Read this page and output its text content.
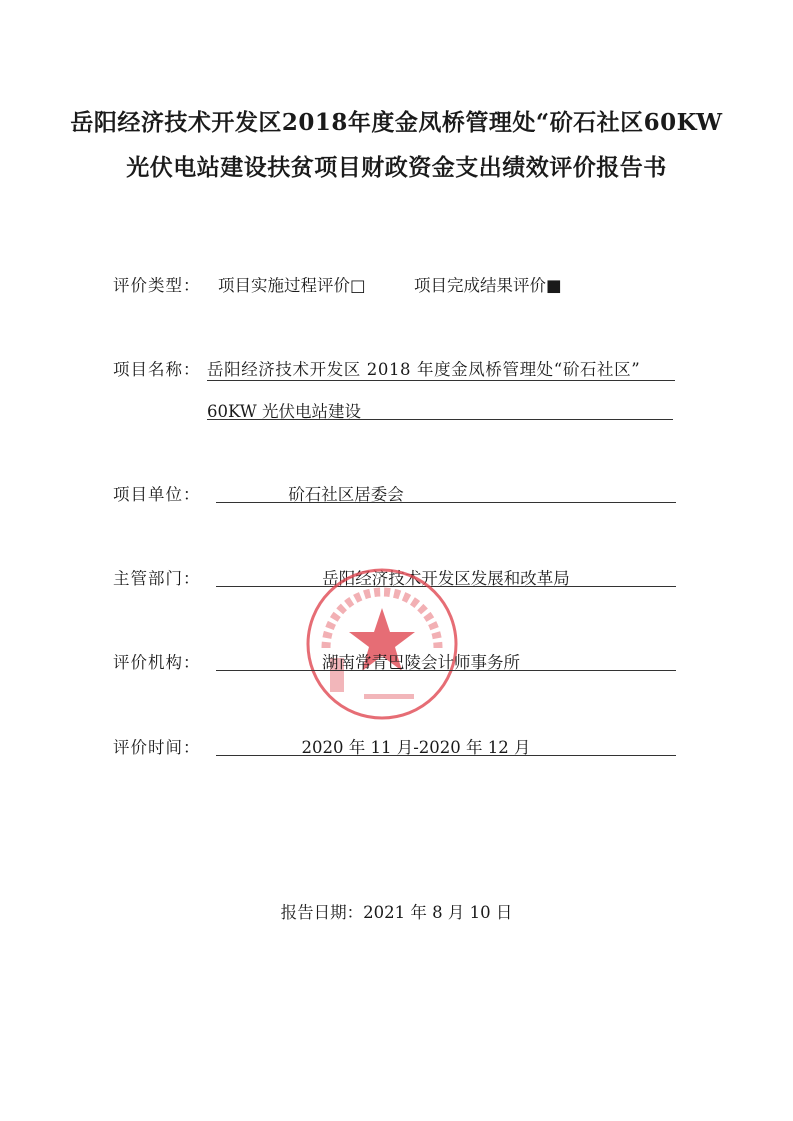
岳阳经济技术开发区2018年度金凤桥管理处“砎石社区60KW
光伏电站建设扶贫项目财政资金支出绩效评价报告书
评价类型： 项目实施过程评价□	项目完成结果评价■
项目名称： 岳阳经济技术开发区 2018 年度金凤桥管理处“砎石社区”
60KW 光伏电站建设
项目单位：	砎石社区居委会
主管部门：	岳阳经济技术开发区发展和改革局
评价机构：	湖南常青巴陵会计师事务所
评价时间：	2020 年 11 月-2020 年 12 月
报告日期：2021 年 8 月 10 日
